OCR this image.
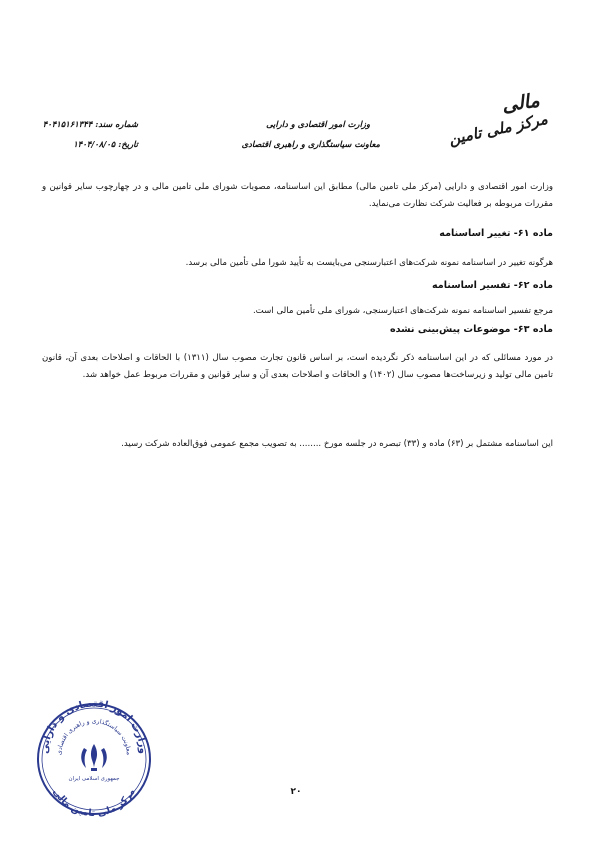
مالی
مرکز ملی تامین
وزارت امور اقتصادی و دارایی
معاونت سیاستگذاری و راهبری اقتصادی
شماره سند: ۴۰۴۱۵۱۶۱۳۴۴
تاریخ: ۱۴۰۴/۰۸/۰۵
وزارت امور اقتصادی و دارایی (مرکز ملی تامین مالی) مطابق این اساسنامه، مصوبات شورای ملی تامین مالی و در چهارچوب سایر قوانین و مقررات مربوطه بر فعالیت شرکت نظارت می‌نماید.
ماده ۶۱- تغییر اساسنامه
هرگونه تغییر در اساسنامه نمونه شرکت‌های اعتبارسنجی می‌بایست به تأیید شورا ملی تأمین مالی برسد.
ماده ۶۲- تفسیر اساسنامه
مرجع تفسیر اساسنامه نمونه شرکت‌های اعتبارسنجی، شورای ملی تأمین مالی است.
ماده ۶۳- موضوعات پیش‌بینی نشده
در مورد مسائلی که در این اساسنامه ذکر نگردیده است، بر اساس قانون تجارت مصوب سال (۱۳۱۱) با الحاقات و اصلاحات بعدی آن، قانون تامین مالی تولید و زیرساخت‌ها مصوب سال (۱۴۰۲) و الحاقات و اصلاحات بعدی آن و سایر قوانین و مقررات مربوط عمل خواهد شد.
این اساسنامه مشتمل بر (۶۳) ماده و (۳۳) تبصره در جلسه مورخ ........ به تصویب مجمع عمومی فوق‌العاده شرکت رسید.
وزارت امور اقتصادی و دارایی
معاونت سیاستگذاری و راهبری اقتصادی
مرکز ملی تامین مالی
جمهوری اسلامی ایران
۲۰
